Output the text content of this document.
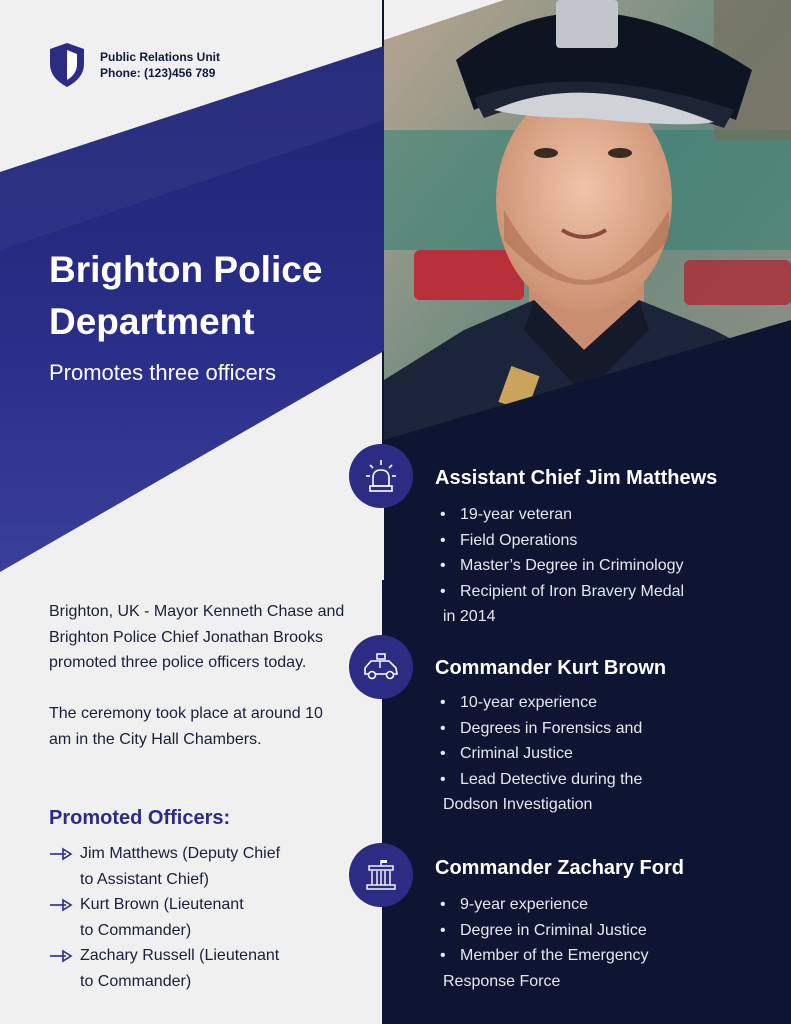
Public Relations Unit
Phone: (123)456 789
Brighton Police
Department
Promotes three officers

Brighton, UK - Mayor Kenneth Chase and Brighton Police Chief Jonathan Brooks promoted three police officers today.

The ceremony took place at around 10 am in the City Hall Chambers.

Promoted Officers:
Jim Matthews (Deputy Chief
to Assistant Chief)
Kurt Brown (Lieutenant
to Commander)
Zachary Russell (Lieutenant
to Commander)
Assistant Chief Jim Matthews
• 19-year veteran
• Field Operations
• Master’s Degree in Criminology
• Recipient of Iron Bravery Medal
in 2014
Commander Kurt Brown
• 10-year experience
• Degrees in Forensics and
• Criminal Justice
• Lead Detective during the
Dodson Investigation
Commander Zachary Ford
• 9-year experience
• Degree in Criminal Justice
• Member of the Emergency
Response Force
